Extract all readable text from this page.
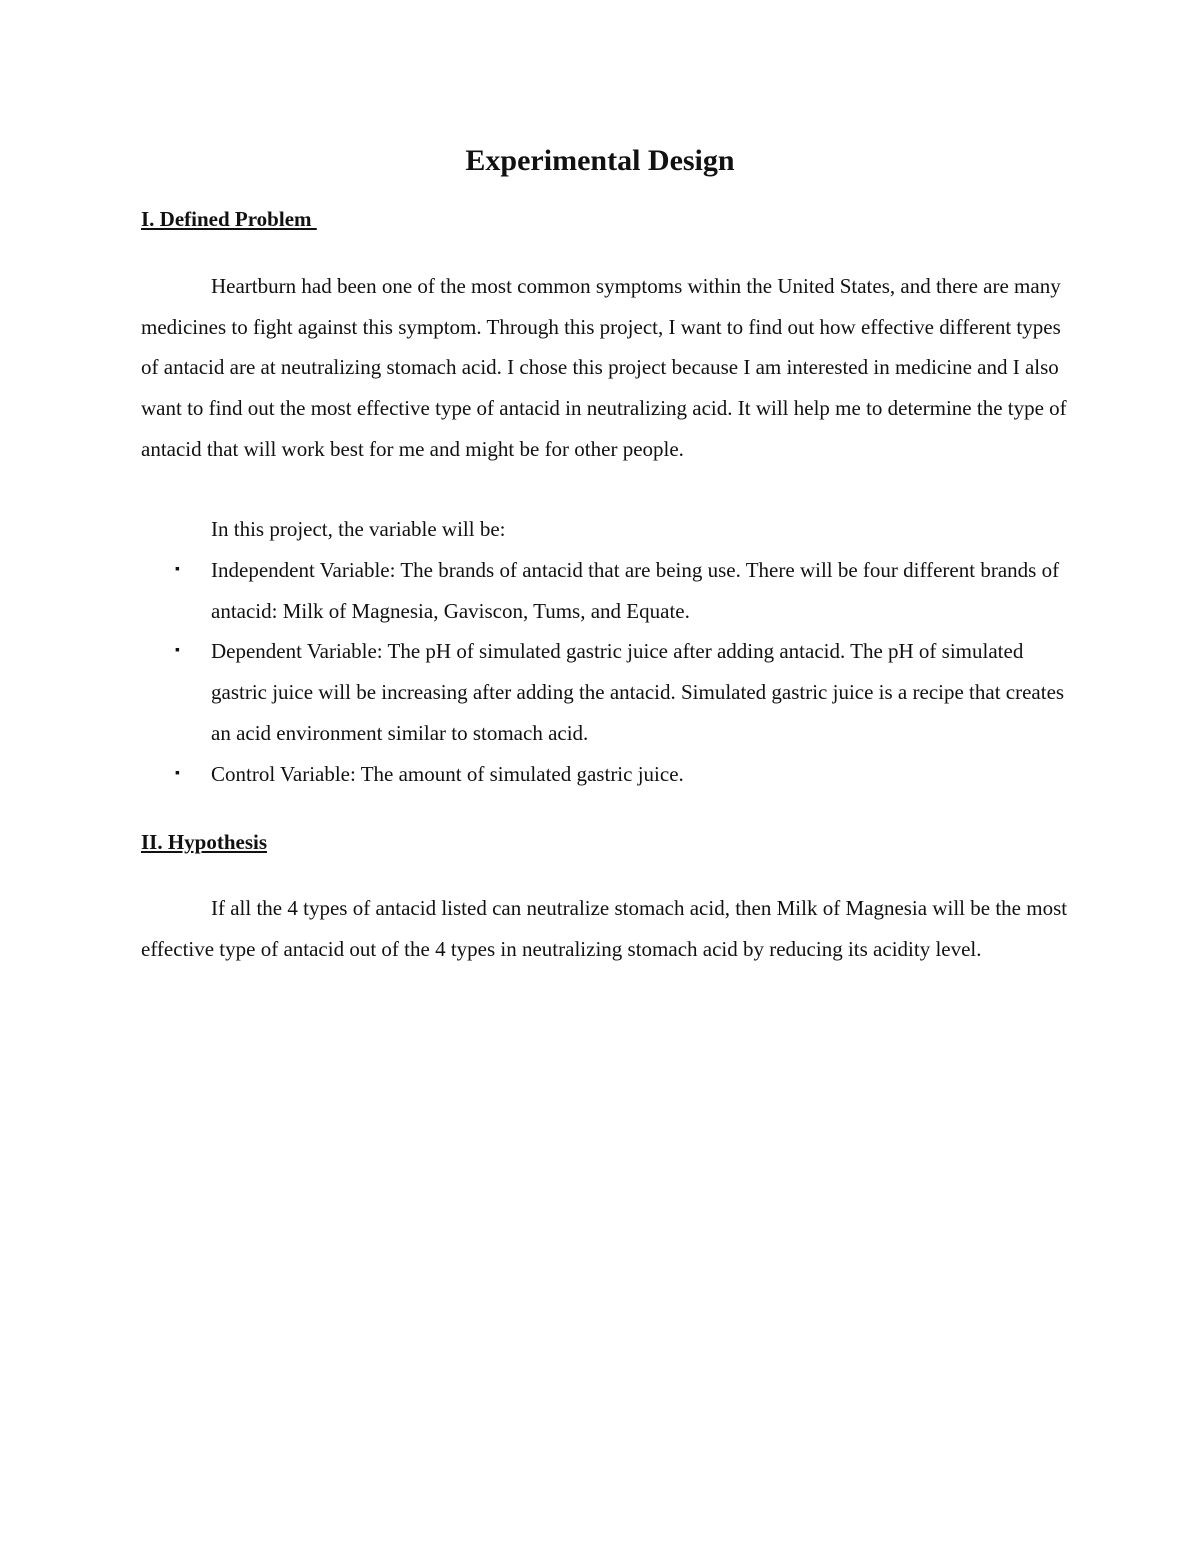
Experimental Design
I. Defined Problem

Heartburn had been one of the most common symptoms within the United States, and there are many medicines to fight against this symptom. Through this project, I want to find out how effective different types of antacid are at neutralizing stomach acid. I chose this project because I am interested in medicine and I also want to find out the most effective type of antacid in neutralizing acid. It will help me to determine the type of antacid that will work best for me and might be for other people.

In this project, the variable will be:

▪ Independent Variable: The brands of antacid that are being use. There will be four different brands of antacid: Milk of Magnesia, Gaviscon, Tums, and Equate.
▪ Dependent Variable: The pH of simulated gastric juice after adding antacid. The pH of simulated gastric juice will be increasing after adding the antacid. Simulated gastric juice is a recipe that creates an acid environment similar to stomach acid.
▪ Control Variable: The amount of simulated gastric juice.
II. Hypothesis

If all the 4 types of antacid listed can neutralize stomach acid, then Milk of Magnesia will be the most effective type of antacid out of the 4 types in neutralizing stomach acid by reducing its acidity level.
